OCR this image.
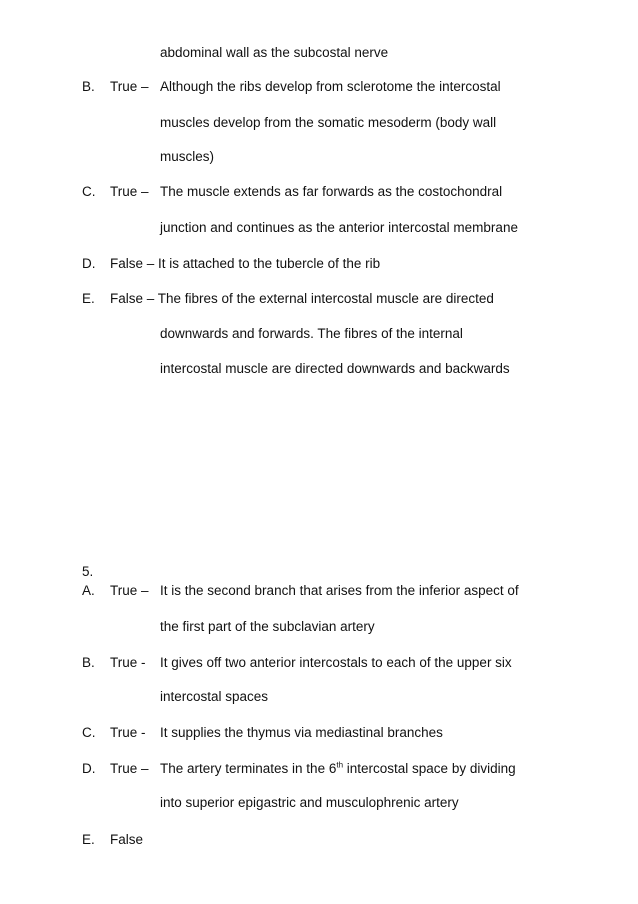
abdominal wall as the subcostal nerve
B. True – Although the ribs develop from sclerotome the intercostal
muscles develop from the somatic mesoderm (body wall
muscles)
C. True – The muscle extends as far forwards as the costochondral
junction and continues as the anterior intercostal membrane
D. False – It is attached to the tubercle of the rib
E. False – The fibres of the external intercostal muscle are directed
downwards and forwards. The fibres of the internal
intercostal muscle are directed downwards and backwards
5.
A. True – It is the second branch that arises from the inferior aspect of
the first part of the subclavian artery
B. True - It gives off two anterior intercostals to each of the upper six
intercostal spaces
C. True - It supplies the thymus via mediastinal branches
D. True – The artery terminates in the 6th intercostal space by dividing
into superior epigastric and musculophrenic artery
E. False
